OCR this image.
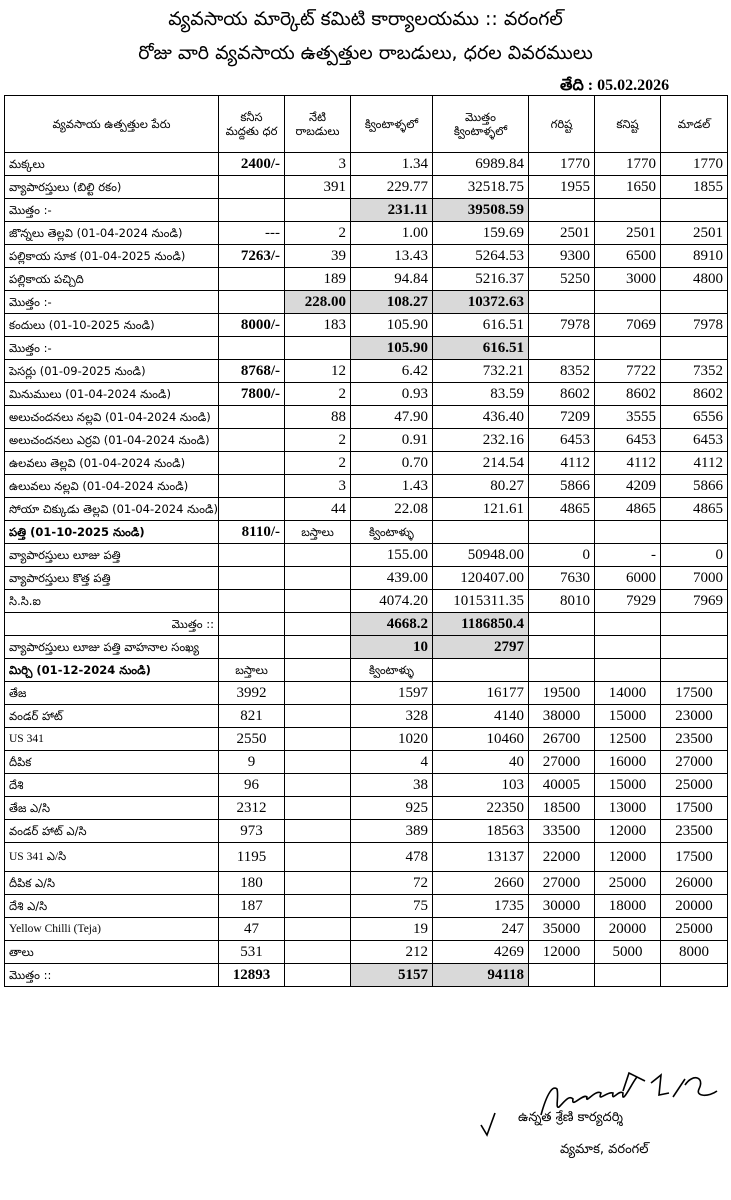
వ్యవసాయ మార్కెట్ కమిటి కార్యాలయము :: వరంగల్
రోజు వారి వ్యవసాయ ఉత్పత్తుల రాబడులు, ధరల వివరములు
తేది : 05.02.2026
వ్యవసాయ ఉత్పత్తుల పేరు	కనీస మద్దతు ధర	నేటి రాబడులు	క్వింటాళ్ళలో	మొత్తం క్వింటాళ్ళలో	గరిష్ట	కనిష్ట	మాడల్
మక్కలు	2400/-	3	1.34	6989.84	1770	1770	1770
వ్యాపారస్తులు (బిల్టి రకం)		391	229.77	32518.75	1955	1650	1855
మొత్తం :-			231.11	39508.59			
జొన్నలు తెల్లవి (01-04-2024 నుండి)	---	2	1.00	159.69	2501	2501	2501
పల్లికాయ సూక (01-04-2025 నుండి)	7263/-	39	13.43	5264.53	9300	6500	8910
పల్లికాయ పచ్చిది		189	94.84	5216.37	5250	3000	4800
మొత్తం :-		228.00	108.27	10372.63			
కందులు (01-10-2025 నుండి)	8000/-	183	105.90	616.51	7978	7069	7978
మొత్తం :-			105.90	616.51			
పెసర్లు (01-09-2025 నుండి)	8768/-	12	6.42	732.21	8352	7722	7352
మినుములు (01-04-2024 నుండి)	7800/-	2	0.93	83.59	8602	8602	8602
అలుచందనలు నల్లవి (01-04-2024 నుండి)		88	47.90	436.40	7209	3555	6556
అలుచందనలు ఎర్రవి (01-04-2024 నుండి)		2	0.91	232.16	6453	6453	6453
ఉలవలు తెల్లవి (01-04-2024 నుండి)		2	0.70	214.54	4112	4112	4112
ఉలువలు నల్లవి (01-04-2024 నుండి)		3	1.43	80.27	5866	4209	5866
సోయా చిక్కుడు తెల్లవి (01-04-2024 నుండి)		44	22.08	121.61	4865	4865	4865
పత్తి (01-10-2025 నుండి)	8110/-	బస్తాలు	క్వింటాళ్ళు				
వ్యాపారస్తులు లూజు పత్తి			155.00	50948.00	0	-	0
వ్యాపారస్తులు కొత్త పత్తి			439.00	120407.00	7630	6000	7000
సి.సి.ఐ			4074.20	1015311.35	8010	7929	7969
మొత్తం ::			4668.2	1186850.4			
వ్యాపారస్తులు లూజు పత్తి వాహనాల సంఖ్య			10	2797			
మిర్చి (01-12-2024 నుండి)	బస్తాలు		క్వింటాళ్ళు				
తేజ	3992		1597	16177	19500	14000	17500
వండర్ హాట్	821		328	4140	38000	15000	23000
US 341	2550		1020	10460	26700	12500	23500
దీపిక	9		4	40	27000	16000	27000
దేశి	96		38	103	40005	15000	25000
తేజ ఎ/సి	2312		925	22350	18500	13000	17500
వండర్ హాట్ ఎ/సి	973		389	18563	33500	12000	23500
US 341 ఎ/సి	1195		478	13137	22000	12000	17500
దీపిక ఎ/సి	180		72	2660	27000	25000	26000
దేశి ఎ/సి	187		75	1735	30000	18000	20000
Yellow Chilli (Teja)	47		19	247	35000	20000	25000
తాలు	531		212	4269	12000	5000	8000
మొత్తం ::	12893		5157	94118			
ఉన్నత శ్రేణి కార్యదర్శి
వ్యమాక, వరంగల్
